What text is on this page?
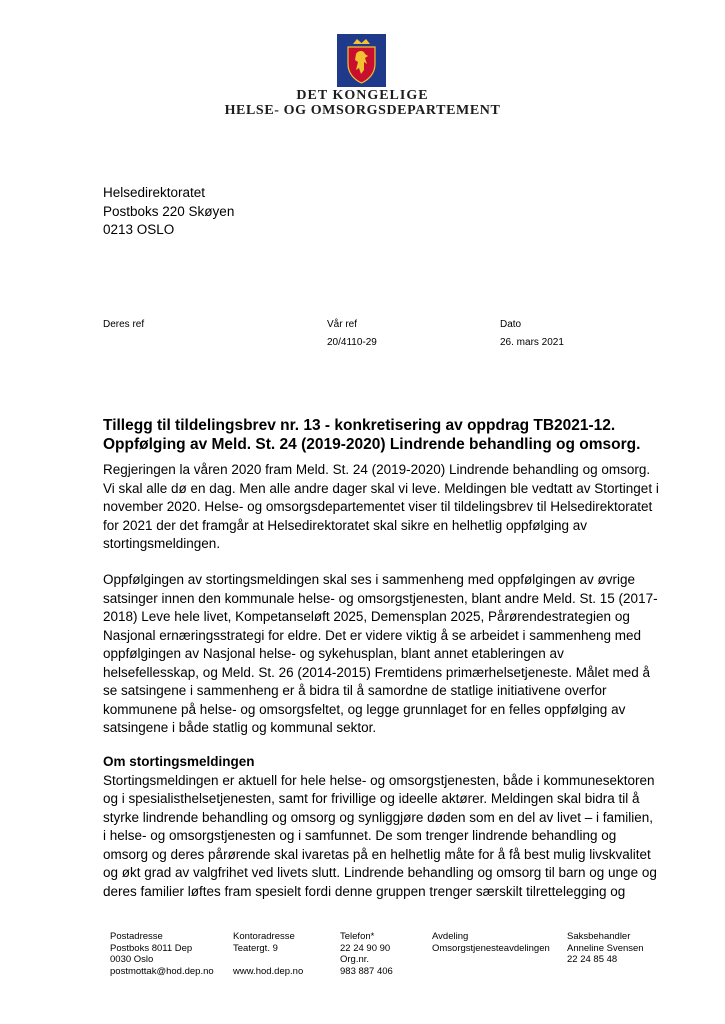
DET KONGELIGE
HELSE- OG OMSORGSDEPARTEMENT
Helsedirektoratet
Postboks 220 Skøyen
0213 OSLO
Deres ref	Vår ref
20/4110-29
Dato
26. mars 2021
Tillegg til tildelingsbrev nr. 13 - konkretisering av oppdrag TB2021-12.
Oppfølging av Meld. St. 24 (2019-2020) Lindrende behandling og omsorg.
Regjeringen la våren 2020 fram Meld. St. 24 (2019-2020) Lindrende behandling og omsorg.
Vi skal alle dø en dag. Men alle andre dager skal vi leve. Meldingen ble vedtatt av Stortinget i
november 2020. Helse- og omsorgsdepartementet viser til tildelingsbrev til Helsedirektoratet
for 2021 der det framgår at Helsedirektoratet skal sikre en helhetlig oppfølging av
stortingsmeldingen.
Oppfølgingen av stortingsmeldingen skal ses i sammenheng med oppfølgingen av øvrige
satsinger innen den kommunale helse- og omsorgstjenesten, blant andre Meld. St. 15 (2017-
2018) Leve hele livet, Kompetanseløft 2025, Demensplan 2025, Pårørendestrategien og
Nasjonal ernæringsstrategi for eldre. Det er videre viktig å se arbeidet i sammenheng med
oppfølgingen av Nasjonal helse- og sykehusplan, blant annet etableringen av
helsefellesskap, og Meld. St. 26 (2014-2015) Fremtidens primærhelsetjeneste. Målet med å
se satsingene i sammenheng er å bidra til å samordne de statlige initiativene overfor
kommunene på helse- og omsorgsfeltet, og legge grunnlaget for en felles oppfølging av
satsingene i både statlig og kommunal sektor.
Om stortingsmeldingen
Stortingsmeldingen er aktuell for hele helse- og omsorgstjenesten, både i kommunesektoren
og i spesialisthelsetjenesten, samt for frivillige og ideelle aktører. Meldingen skal bidra til å
styrke lindrende behandling og omsorg og synliggjøre døden som en del av livet – i familien,
i helse- og omsorgstjenesten og i samfunnet. De som trenger lindrende behandling og
omsorg og deres pårørende skal ivaretas på en helhetlig måte for å få best mulig livskvalitet
og økt grad av valgfrihet ved livets slutt. Lindrende behandling og omsorg til barn og unge og
deres familier løftes fram spesielt fordi denne gruppen trenger særskilt tilrettelegging og
Postadresse
Postboks 8011 Dep
0030 Oslo
postmottak@hod.dep.no
Kontoradresse
Teatergt. 9
www.hod.dep.no
Telefon*
22 24 90 90
Org.nr.
983 887 406
Avdeling
Omsorgstjenesteavdelingen
Saksbehandler
Anneline Svensen
22 24 85 48
